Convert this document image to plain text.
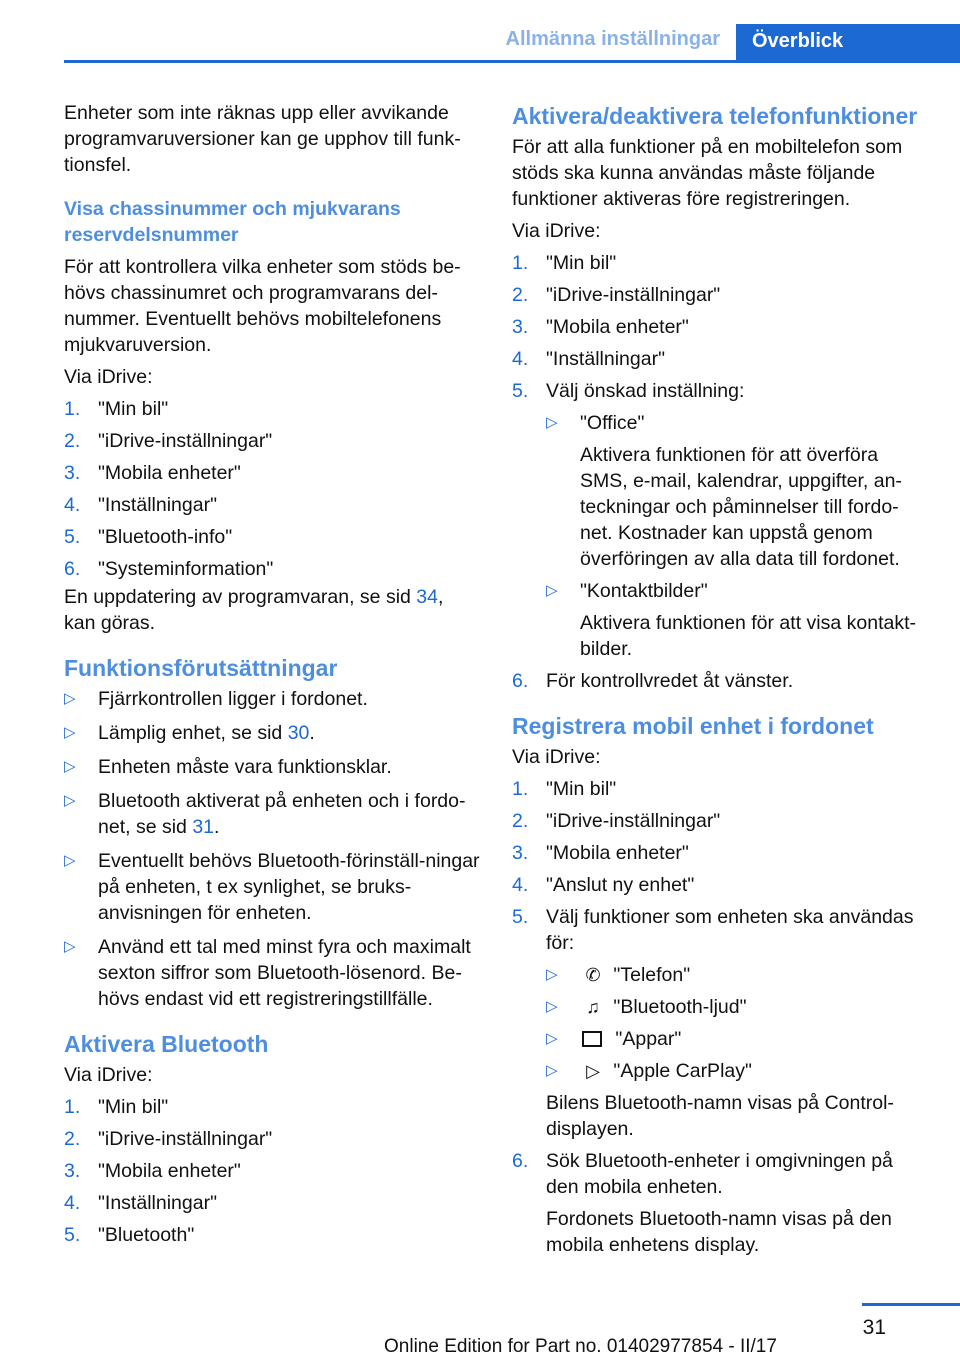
Allmänna inställningar	Överblick

Enheter som inte räknas upp eller avvikande programvaruversioner kan ge upphov till funk-tionsfel.

Visa chassinummer och mjukvarans reservdelsnummer

För att kontrollera vilka enheter som stöds be-hövs chassinumret och programvarans del-nummer. Eventuellt behövs mobiltelefonens mjukvaruversion.

Via iDrive:

1. "Min bil"
2. "iDrive-inställningar"
3. "Mobila enheter"
4. "Inställningar"
5. "Bluetooth-info"
6. "Systeminformation"

En uppdatering av programvaran, se sid 34, kan göras.

Funktionsförutsättningar
▷ Fjärrkontrollen ligger i fordonet.
▷ Lämplig enhet, se sid 30.
▷ Enheten måste vara funktionsklar.
▷ Bluetooth aktiverat på enheten och i fordo-net, se sid 31.
▷ Eventuellt behövs Bluetooth-förinställ-ningar på enheten, t ex synlighet, se bruks-anvisningen för enheten.
▷ Använd ett tal med minst fyra och maximalt sexton siffror som Bluetooth-lösenord. Be-hövs endast vid ett registreringstillfälle.
Aktivera Bluetooth

Via iDrive:

1. "Min bil"
2. "iDrive-inställningar"
3. "Mobila enheter"
4. "Inställningar"
5. "Bluetooth"
Aktivera/deaktivera telefonfunktioner

För att alla funktioner på en mobiltelefon som stöds ska kunna användas måste följande funktioner aktiveras före registreringen.

Via iDrive:

1. "Min bil"
2. "iDrive-inställningar"
3. "Mobila enheter"
4. "Inställningar"
5. Välj önskad inställning:
▷ "Office"
Aktivera funktionen för att överföra SMS, e-mail, kalendrar, uppgifter, an-teckningar och påminnelser till fordo-net. Kostnader kan uppstå genom överföringen av alla data till fordonet.
▷ "Kontaktbilder"
Aktivera funktionen för att visa kontakt-bilder.
6. För kontrollvredet åt vänster.
Registrera mobil enhet i fordonet

Via iDrive:

1. "Min bil"
2. "iDrive-inställningar"
3. "Mobila enheter"
4. "Anslut ny enhet"
5. Välj funktioner som enheten ska användas för:
▷ ✆ "Telefon"
▷ ♫ "Bluetooth-ljud"
▷	"Appar"
▷ ▷ "Apple CarPlay"
Bilens Bluetooth-namn visas på Control-displayen.
6. Sök Bluetooth-enheter i omgivningen på den mobila enheten.
Fordonets Bluetooth-namn visas på den mobila enhetens display.
31
Online Edition for Part no. 01402977854 - II/17
